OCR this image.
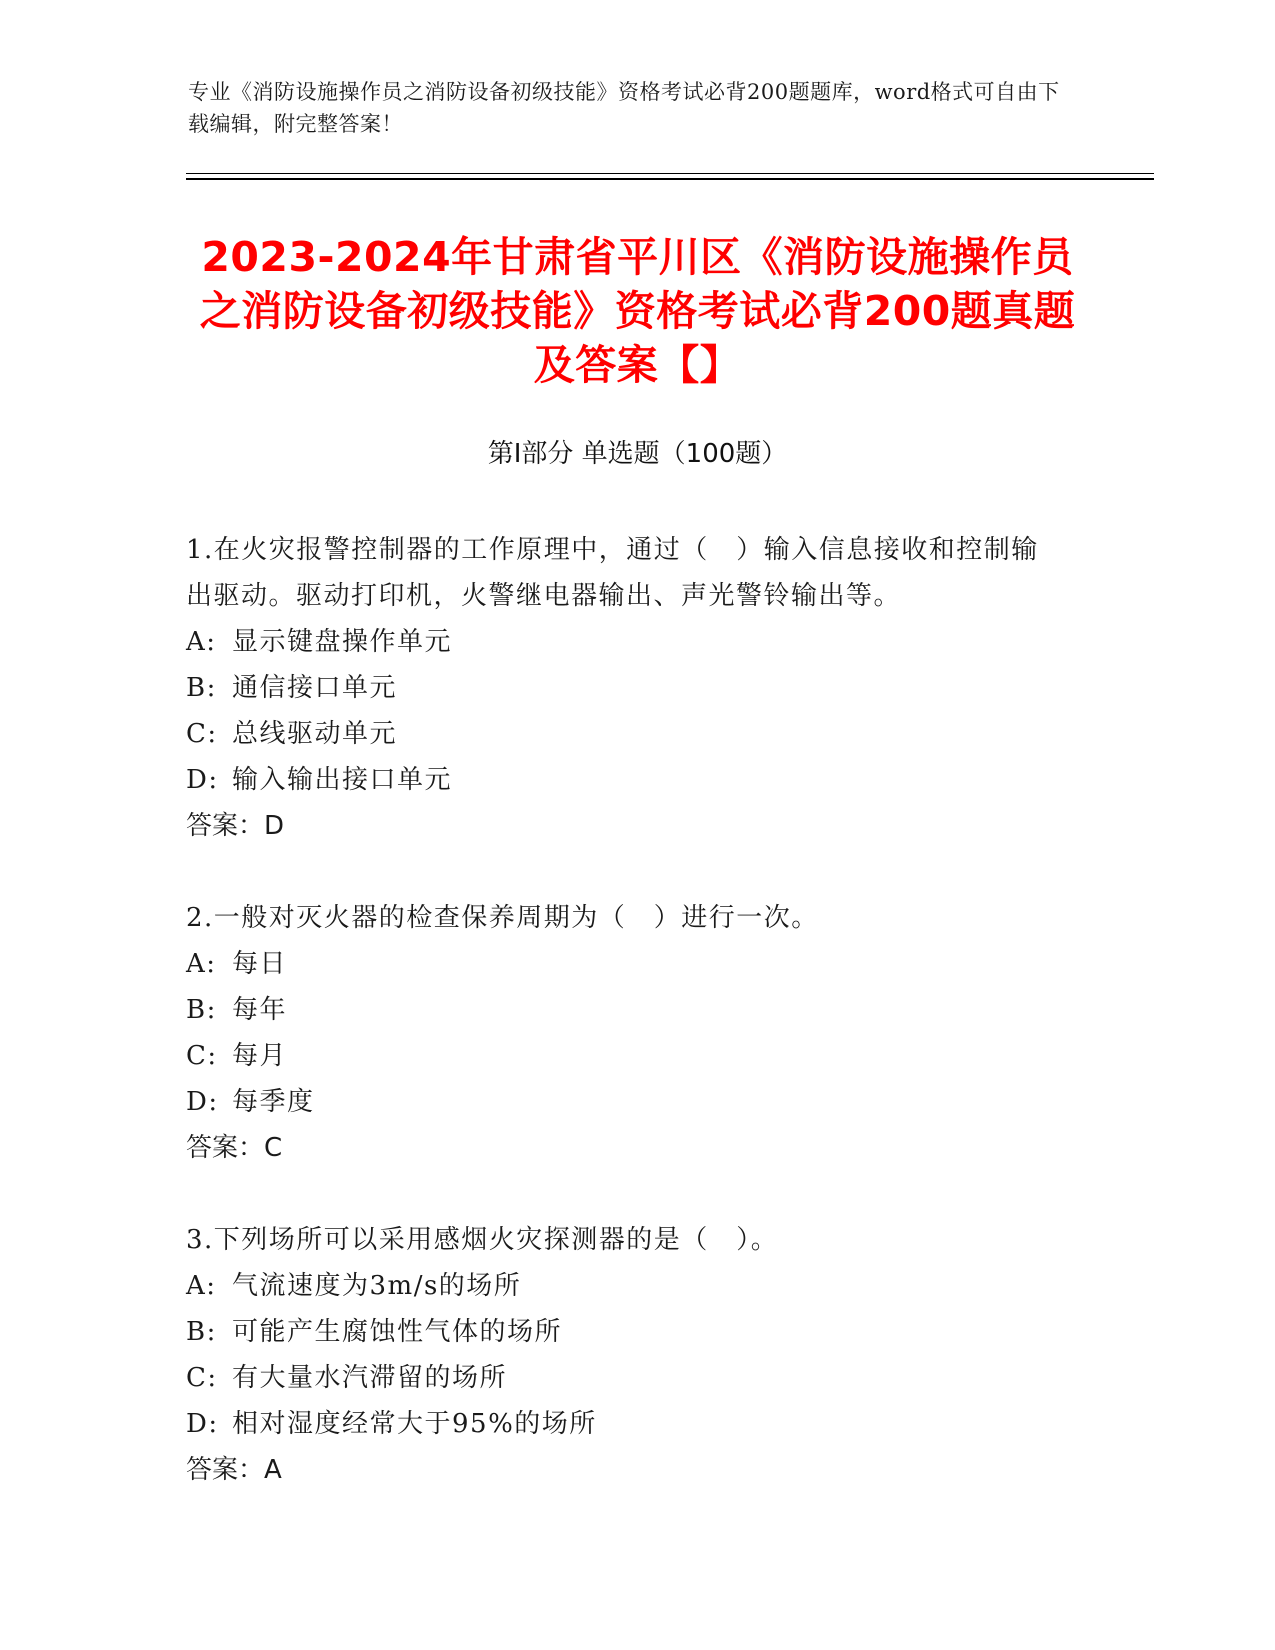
专业《消防设施操作员之消防设备初级技能》资格考试必背200题题库，word格式可自由下载编辑，附完整答案！
2023-2024年甘肃省平川区《消防设施操作员之消防设备初级技能》资格考试必背200题真题及答案【】
第I部分 单选题（100题）

1.在火灾报警控制器的工作原理中，通过（　）输入信息接收和控制输出驱动。驱动打印机，火警继电器输出、声光警铃输出等。

A: 显示键盘操作单元

B: 通信接口单元

C: 总线驱动单元

D: 输入输出接口单元

答案：D

2.一般对灭火器的检查保养周期为（　）进行一次。

A: 每日

B: 每年

C: 每月

D: 每季度

答案：C

3.下列场所可以采用感烟火灾探测器的是（　）。

A: 气流速度为3m/s的场所

B: 可能产生腐蚀性气体的场所

C: 有大量水汽滞留的场所

D: 相对湿度经常大于95%的场所

答案：A
